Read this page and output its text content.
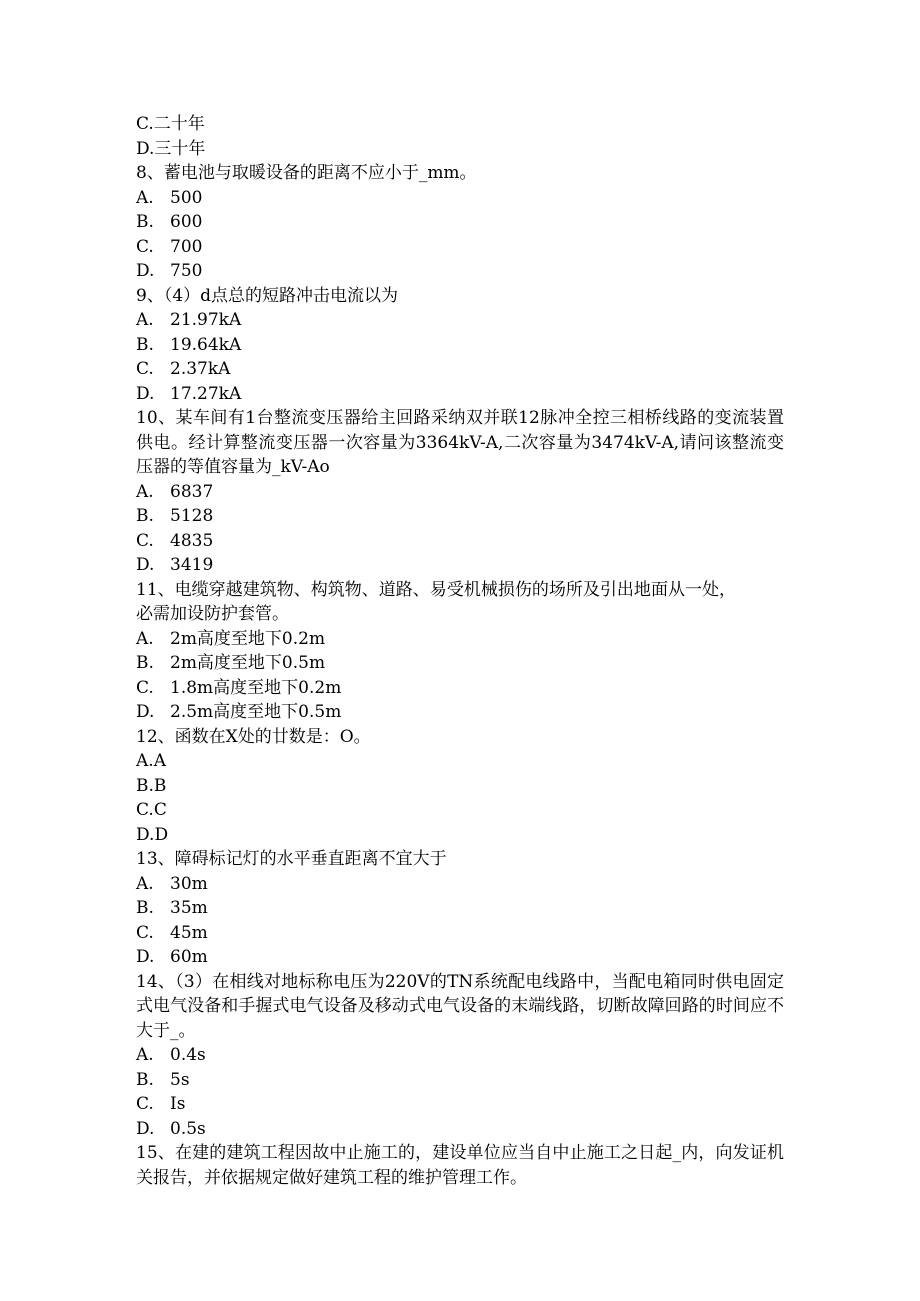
C.二十年
D.三十年
8、蓄电池与取暖设备的距离不应小于_mm。
A. 500
B. 600
C. 700
D. 750
9、（4）d点总的短路冲击电流以为
A. 21.97kA
B. 19.64kA
C. 2.37kA
D. 17.27kA
10、某车间有1台整流变压器给主回路采纳双并联12脉冲全控三相桥线路的变流装置供电。经计算整流变压器一次容量为3364kV-A,二次容量为3474kV-A,请问该整流变压器的等值容量为_kV-Ao
A. 6837
B. 5128
C. 4835
D. 3419
11、电缆穿越建筑物、构筑物、道路、易受机械损伤的场所及引出地面从一处，必需加设防护套管。
A. 2m高度至地下0.2m
B. 2m高度至地下0.5m
C. 1.8m高度至地下0.2m
D. 2.5m高度至地下0.5m
12、函数在X处的廿数是：O。
A. A
B. B
C. C
D. D
13、障碍标记灯的水平垂直距离不宜大于
A. 30m
B. 35m
C. 45m
D. 60m
14、（3）在相线对地标称电压为220V的TN系统配电线路中，当配电箱同时供电固定式电气没备和手握式电气设备及移动式电气设备的末端线路，切断故障回路的时间应不大于_。
A. 0.4s
B. 5s
C. Is
D. 0.5s
15、在建的建筑工程因故中止施工的，建设单位应当自中止施工之日起_内，向发证机关报告，并依据规定做好建筑工程的维护管理工作。
